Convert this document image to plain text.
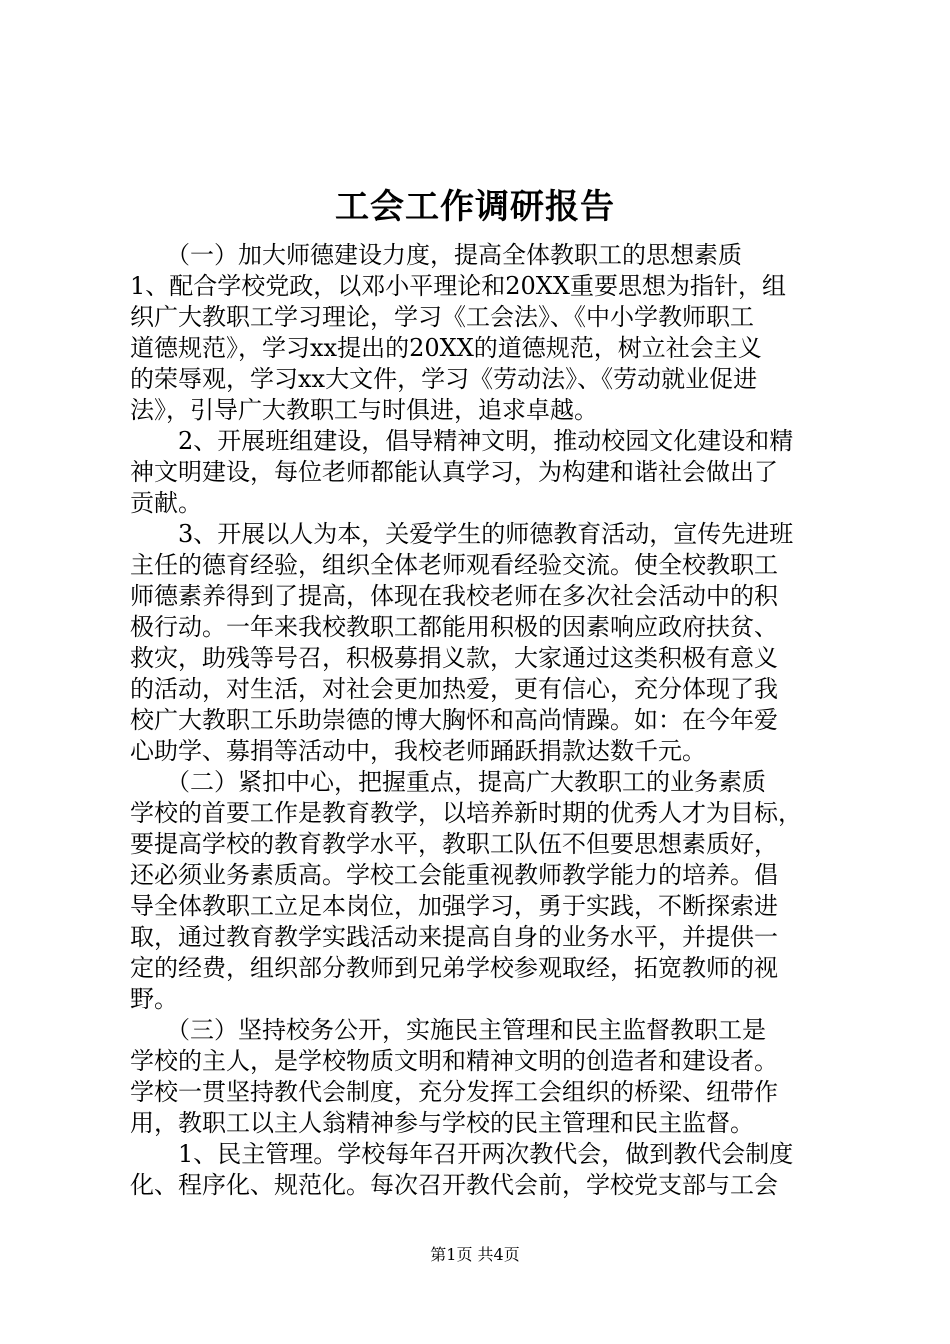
工会工作调研报告
　　（一）加大师德建设力度，提高全体教职工的思想素质
1、配合学校党政，以邓小平理论和20XX重要思想为指针，组
织广大教职工学习理论，学习《工会法》、《中小学教师职工
道德规范》，学习xx提出的20XX的道德规范，树立社会主义
的荣辱观，学习xx大文件，学习《劳动法》、《劳动就业促进
法》，引导广大教职工与时俱进，追求卓越。
　　2、开展班组建设，倡导精神文明，推动校园文化建设和精
神文明建设，每位老师都能认真学习，为构建和谐社会做出了
贡献。
　　3、开展以人为本，关爱学生的师德教育活动，宣传先进班
主任的德育经验，组织全体老师观看经验交流。使全校教职工
师德素养得到了提高，体现在我校老师在多次社会活动中的积
极行动。一年来我校教职工都能用积极的因素响应政府扶贫、
救灾，助残等号召，积极募捐义款，大家通过这类积极有意义
的活动，对生活，对社会更加热爱，更有信心，充分体现了我
校广大教职工乐助崇德的博大胸怀和高尚情躁。如：在今年爱
心助学、募捐等活动中，我校老师踊跃捐款达数千元。
　　（二）紧扣中心，把握重点，提高广大教职工的业务素质
学校的首要工作是教育教学，以培养新时期的优秀人才为目标，
要提高学校的教育教学水平，教职工队伍不但要思想素质好，
还必须业务素质高。学校工会能重视教师教学能力的培养。倡
导全体教职工立足本岗位，加强学习，勇于实践，不断探索进
取，通过教育教学实践活动来提高自身的业务水平，并提供一
定的经费，组织部分教师到兄弟学校参观取经，拓宽教师的视
野。
　　（三）坚持校务公开，实施民主管理和民主监督教职工是
学校的主人，是学校物质文明和精神文明的创造者和建设者。
学校一贯坚持教代会制度，充分发挥工会组织的桥梁、纽带作
用，教职工以主人翁精神参与学校的民主管理和民主监督。
　　1、民主管理。学校每年召开两次教代会，做到教代会制度
化、程序化、规范化。每次召开教代会前，学校党支部与工会
第1页 共4页
